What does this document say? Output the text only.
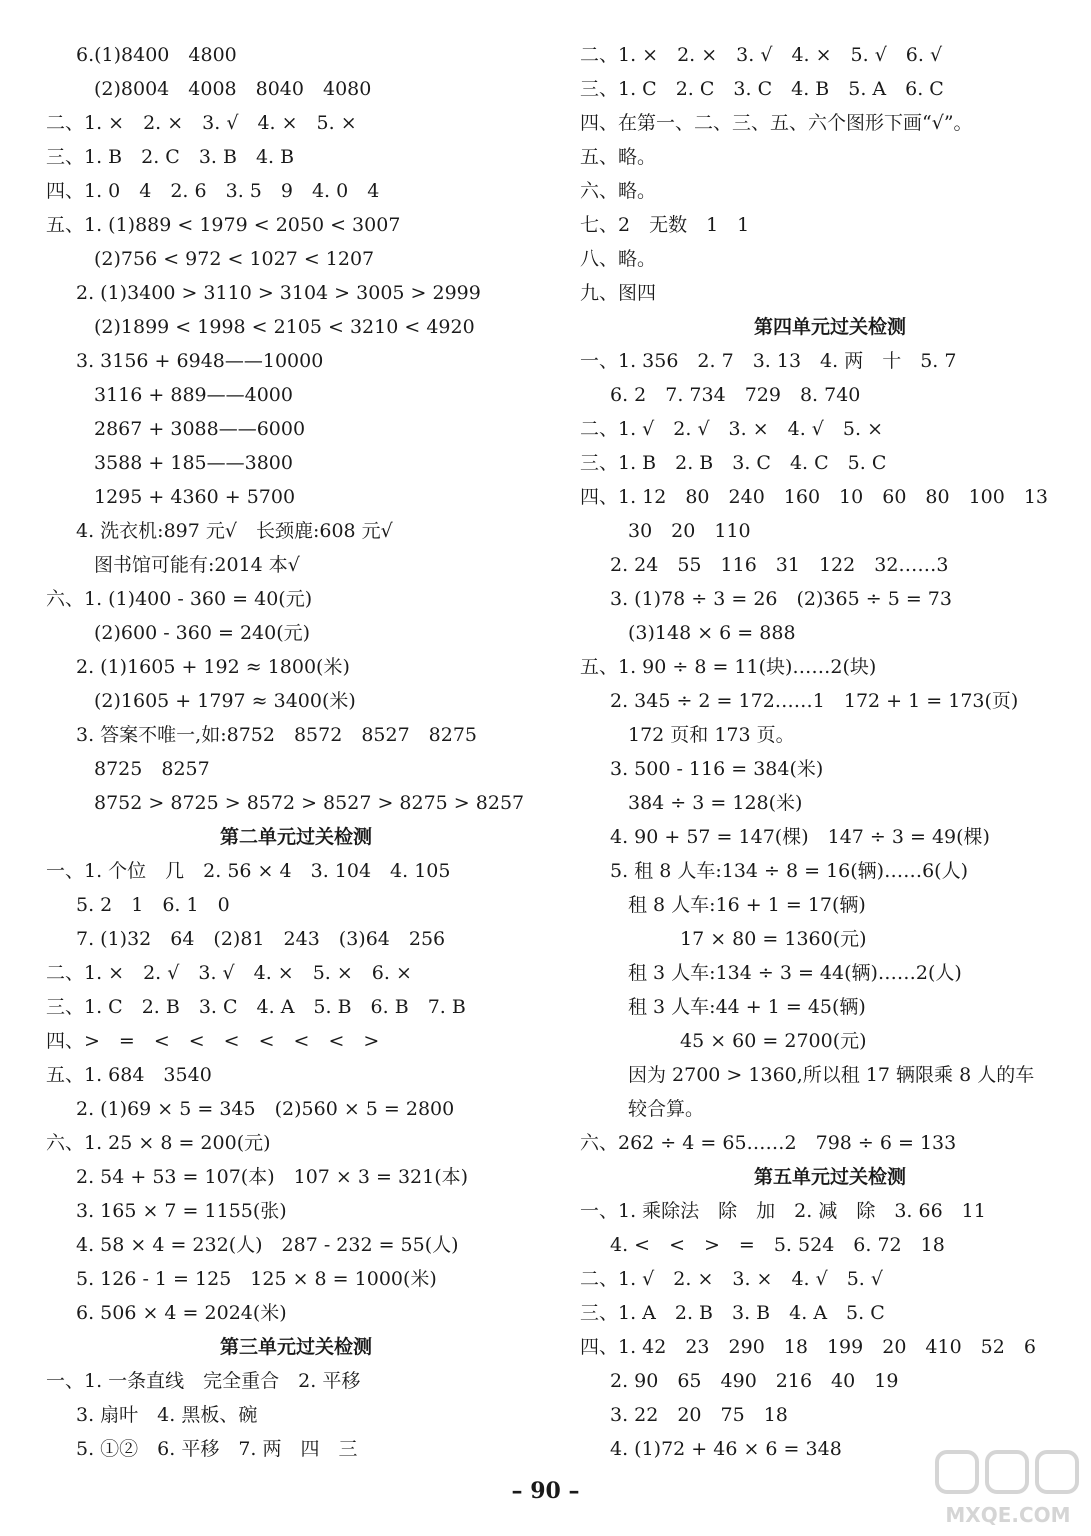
6.(1)8400　4800
(2)8004　4008　8040　4080
二、1. ×　2. ×　3. √　4. ×　5. ×
三、1. B　2. C　3. B　4. B
四、1. 0　4　2. 6　3. 5　9　4. 0　4
五、1. (1)889 < 1979 < 2050 < 3007
(2)756 < 972 < 1027 < 1207
2. (1)3400 > 3110 > 3104 > 3005 > 2999
(2)1899 < 1998 < 2105 < 3210 < 4920
3. 3156 + 6948——10000
3116 + 889——4000
2867 + 3088——6000
3588 + 185——3800
1295 + 4360 + 5700
4. 洗衣机:897 元√　长颈鹿:608 元√
图书馆可能有:2014 本√
六、1. (1)400 - 360 = 40(元)
(2)600 - 360 = 240(元)
2. (1)1605 + 192 ≈ 1800(米)
(2)1605 + 1797 ≈ 3400(米)
3. 答案不唯一,如:8752　8572　8527　8275
8725　8257
8752 > 8725 > 8572 > 8527 > 8275 > 8257
第二单元过关检测
一、1. 个位　几　2. 56 × 4　3. 104　4. 105
5. 2　1　6. 1　0
7. (1)32　64　(2)81　243　(3)64　256
二、1. ×　2. √　3. √　4. ×　5. ×　6. ×
三、1. C　2. B　3. C　4. A　5. B　6. B　7. B
四、>　=　<　<　<　<　<　<　>
五、1. 684　3540
2. (1)69 × 5 = 345　(2)560 × 5 = 2800
六、1. 25 × 8 = 200(元)
2. 54 + 53 = 107(本)　107 × 3 = 321(本)
3. 165 × 7 = 1155(张)
4. 58 × 4 = 232(人)　287 - 232 = 55(人)
5. 126 - 1 = 125　125 × 8 = 1000(米)
6. 506 × 4 = 2024(米)
第三单元过关检测
一、1. 一条直线　完全重合　2. 平移
3. 扇叶　4. 黑板、碗
5. ①②　6. 平移　7. 两　四　三
二、1. ×　2. ×　3. √　4. ×　5. √　6. √
三、1. C　2. C　3. C　4. B　5. A　6. C
四、在第一、二、三、五、六个图形下画“√”。
五、略。
六、略。
七、2　无数　1　1
八、略。
九、图四
第四单元过关检测
一、1. 356　2. 7　3. 13　4. 两　十　5. 7
6. 2　7. 734　729　8. 740
二、1. √　2. √　3. ×　4. √　5. ×
三、1. B　2. B　3. C　4. C　5. C
四、1. 12　80　240　160　10　60　80　100　13
30　20　110
2. 24　55　116　31　122　32……3
3. (1)78 ÷ 3 = 26　(2)365 ÷ 5 = 73
(3)148 × 6 = 888
五、1. 90 ÷ 8 = 11(块)……2(块)
2. 345 ÷ 2 = 172……1　172 + 1 = 173(页)
172 页和 173 页。
3. 500 - 116 = 384(米)
384 ÷ 3 = 128(米)
4. 90 + 57 = 147(棵)　147 ÷ 3 = 49(棵)
5. 租 8 人车:134 ÷ 8 = 16(辆)……6(人)
租 8 人车:16 + 1 = 17(辆)
17 × 80 = 1360(元)
租 3 人车:134 ÷ 3 = 44(辆)……2(人)
租 3 人车:44 + 1 = 45(辆)
45 × 60 = 2700(元)
因为 2700 > 1360,所以租 17 辆限乘 8 人的车
较合算。
六、262 ÷ 4 = 65……2　798 ÷ 6 = 133
第五单元过关检测
一、1. 乘除法　除　加　2. 减　除　3. 66　11
4. <　<　>　=　5. 524　6. 72　18
二、1. √　2. ×　3. ×　4. √　5. √
三、1. A　2. B　3. B　4. A　5. C
四、1. 42　23　290　18　199　20　410　52　6
2. 90　65　490　216　40　19
3. 22　20　75　18
4. (1)72 + 46 × 6 = 348
– 90 –
MXQE.COM
